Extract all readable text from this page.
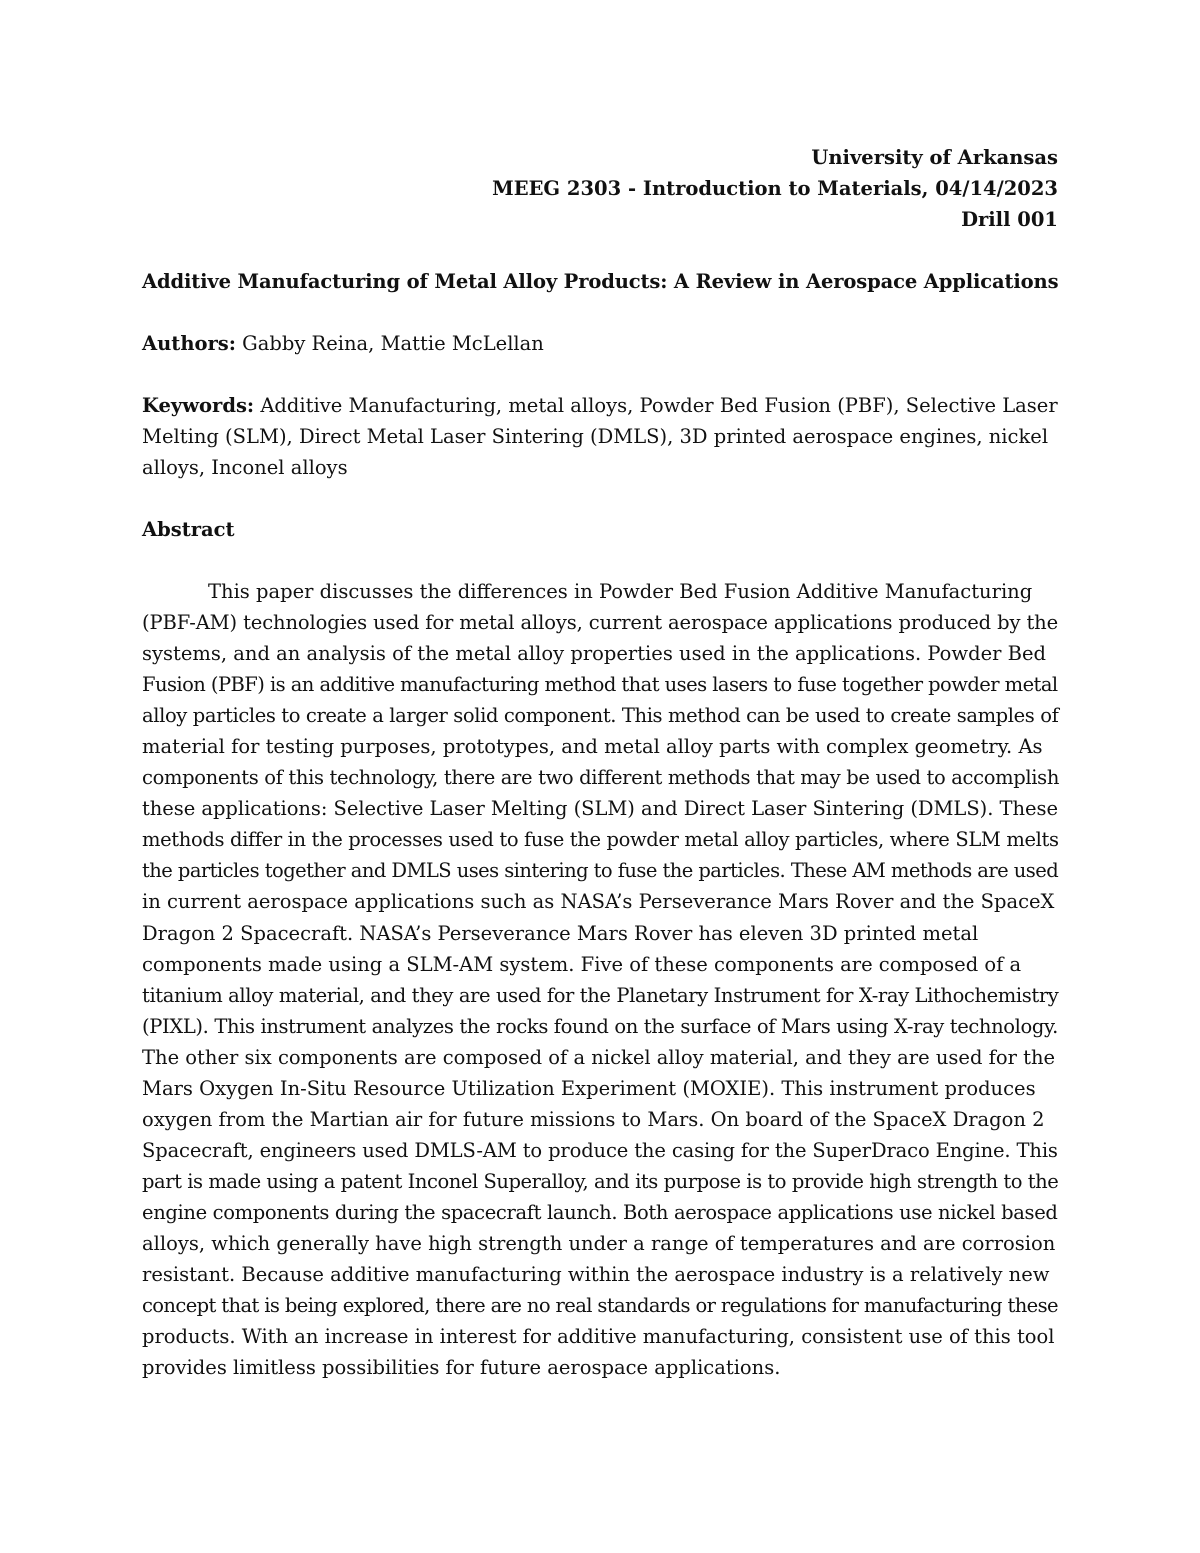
University of Arkansas
MEEG 2303 - Introduction to Materials, 04/14/2023
Drill 001
Additive Manufacturing of Metal Alloy Products: A Review in Aerospace Applications
Authors: Gabby Reina, Mattie McLellan
Keywords: Additive Manufacturing, metal alloys, Powder Bed Fusion (PBF), Selective Laser Melting (SLM), Direct Metal Laser Sintering (DMLS), 3D printed aerospace engines, nickel alloys, Inconel alloys
Abstract
This paper discusses the differences in Powder Bed Fusion Additive Manufacturing
(PBF-AM) technologies used for metal alloys, current aerospace applications produced by the
systems, and an analysis of the metal alloy properties used in the applications. Powder Bed
Fusion (PBF) is an additive manufacturing method that uses lasers to fuse together powder metal
alloy particles to create a larger solid component. This method can be used to create samples of
material for testing purposes, prototypes, and metal alloy parts with complex geometry. As
components of this technology, there are two different methods that may be used to accomplish
these applications: Selective Laser Melting (SLM) and Direct Laser Sintering (DMLS). These
methods differ in the processes used to fuse the powder metal alloy particles, where SLM melts
the particles together and DMLS uses sintering to fuse the particles. These AM methods are used
in current aerospace applications such as NASA’s Perseverance Mars Rover and the SpaceX
Dragon 2 Spacecraft. NASA’s Perseverance Mars Rover has eleven 3D printed metal
components made using a SLM-AM system. Five of these components are composed of a
titanium alloy material, and they are used for the Planetary Instrument for X-ray Lithochemistry
(PIXL). This instrument analyzes the rocks found on the surface of Mars using X-ray technology.
The other six components are composed of a nickel alloy material, and they are used for the
Mars Oxygen In-Situ Resource Utilization Experiment (MOXIE). This instrument produces
oxygen from the Martian air for future missions to Mars. On board of the SpaceX Dragon 2
Spacecraft, engineers used DMLS-AM to produce the casing for the SuperDraco Engine. This
part is made using a patent Inconel Superalloy, and its purpose is to provide high strength to the
engine components during the spacecraft launch. Both aerospace applications use nickel based
alloys, which generally have high strength under a range of temperatures and are corrosion
resistant. Because additive manufacturing within the aerospace industry is a relatively new
concept that is being explored, there are no real standards or regulations for manufacturing these
products. With an increase in interest for additive manufacturing, consistent use of this tool
provides limitless possibilities for future aerospace applications.
